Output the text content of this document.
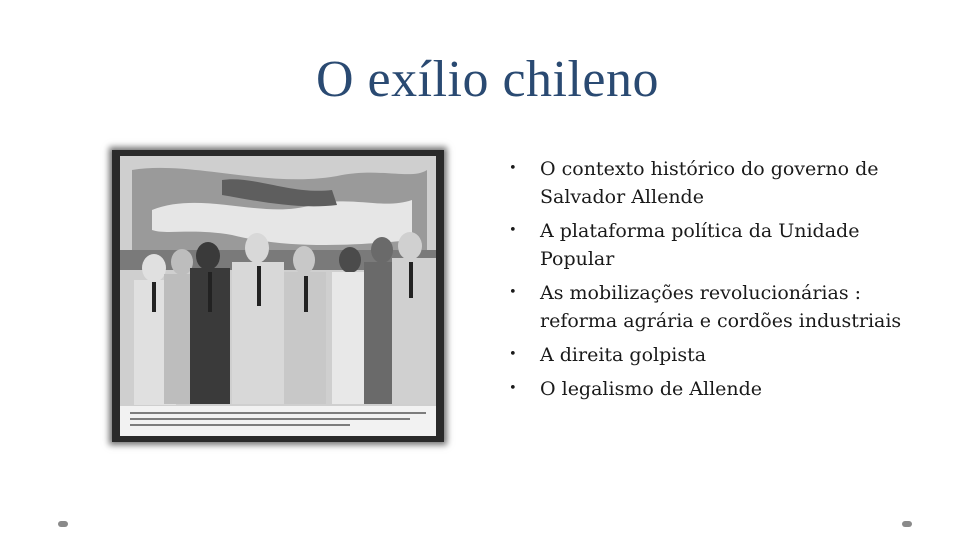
O exílio chileno
• O contexto histórico do governo de Salvador Allende
• A plataforma política da Unidade Popular
• As mobilizações revolucionárias : reforma agrária e cordões industriais
• A direita golpista
• O legalismo de Allende
